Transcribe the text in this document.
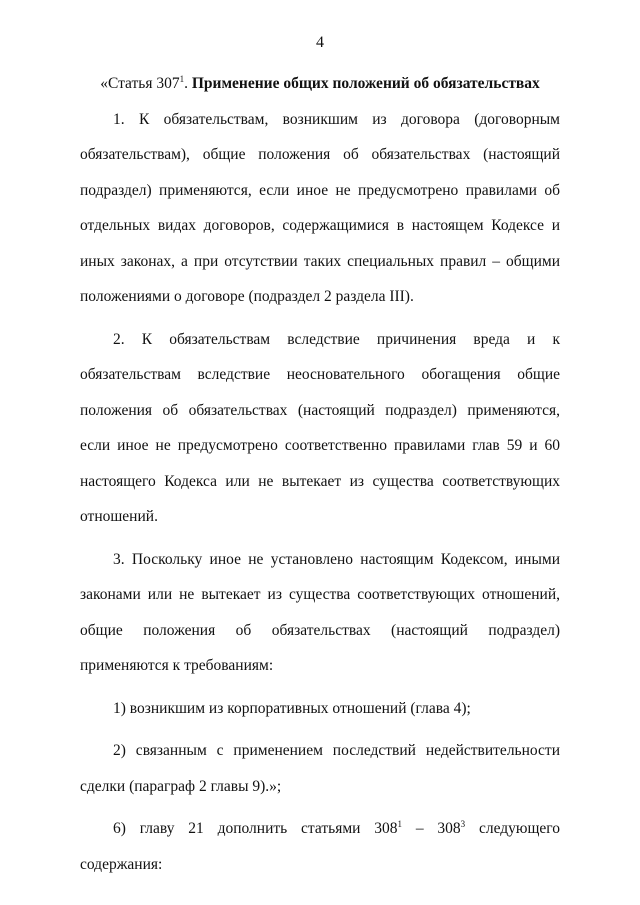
4
«Статья $307^1$. Применение общих положений об обязательствах

1. К обязательствам, возникшим из договора (договорным обязательствам), общие положения об обязательствах (настоящий подраздел) применяются, если иное не предусмотрено правилами об отдельных видах договоров, содержащимися в настоящем Кодексе и иных законах, а при отсутствии таких специальных правил – общими положениями о договоре (подраздел 2 раздела III).

2. К обязательствам вследствие причинения вреда и к обязательствам вследствие неосновательного обогащения общие положения об обязательствах (настоящий подраздел) применяются, если иное не предусмотрено соответственно правилами глав 59 и 60 настоящего Кодекса или не вытекает из существа соответствующих отношений.

3. Поскольку иное не установлено настоящим Кодексом, иными законами или не вытекает из существа соответствующих отношений, общие положения об обязательствах (настоящий подраздел) применяются к требованиям:

1) возникшим из корпоративных отношений (глава 4);

2) связанным с применением последствий недействительности сделки (параграф 2 главы 9).»;

6) главу 21 дополнить статьями $308^1 - 308^3$ следующего содержания:
